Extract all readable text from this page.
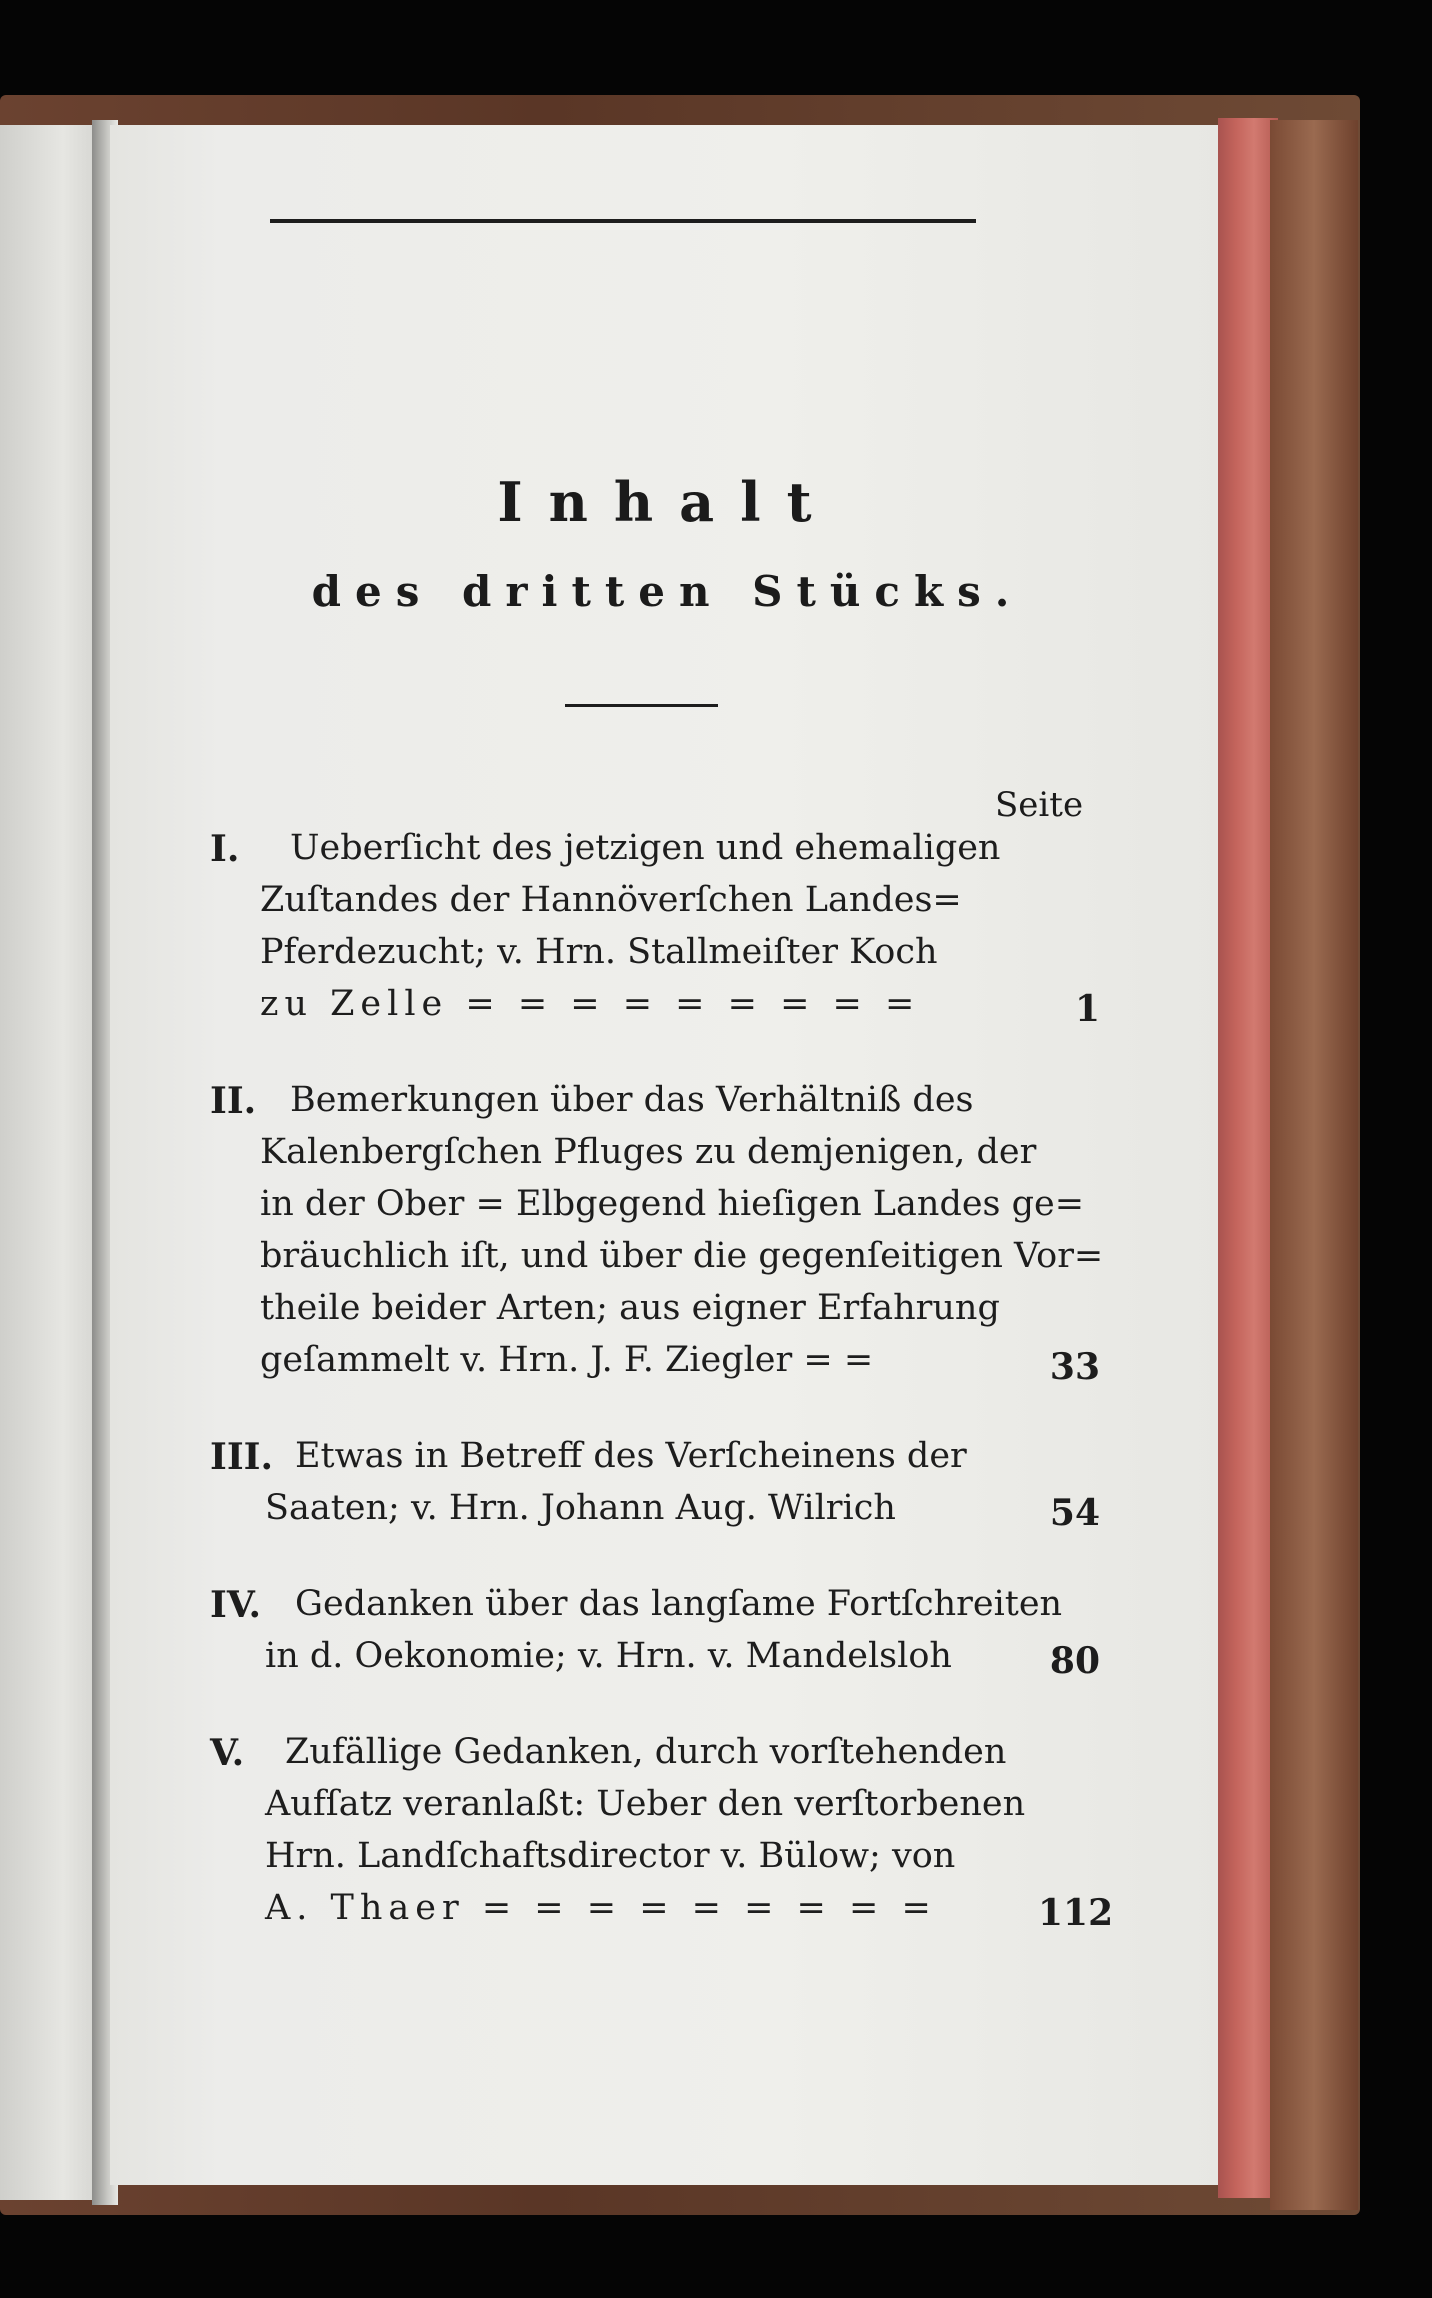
Inhalt
des dritten Stücks.
Seite
I. Ueberſicht des jetzigen und ehemaligen
Zuſtandes der Hannöverſchen Landes=
Pferdezucht; v. Hrn. Stallmeiſter Koch
zu Zelle = = = = = = = = =	1
II. Bemerkungen über das Verhältniß des
Kalenbergſchen Pfluges zu demjenigen, der
in der Ober = Elbgegend hieſigen Landes ge=
bräuchlich iſt, und über die gegenſeitigen Vor=
theile beider Arten; aus eigner Erfahrung
geſammelt v. Hrn. J. F. Ziegler = =	33
III. Etwas in Betreff des Verſcheinens der
Saaten; v. Hrn. Johann Aug. Wilrich	54
IV. Gedanken über das langſame Fortſchreiten
in d. Oekonomie; v. Hrn. v. Mandelsloh	80
V. Zufällige Gedanken, durch vorſtehenden
Aufſatz veranlaßt: Ueber den verſtorbenen
Hrn. Landſchaftsdirector v. Bülow; von
A. Thaer = = = = = = = = =	112
